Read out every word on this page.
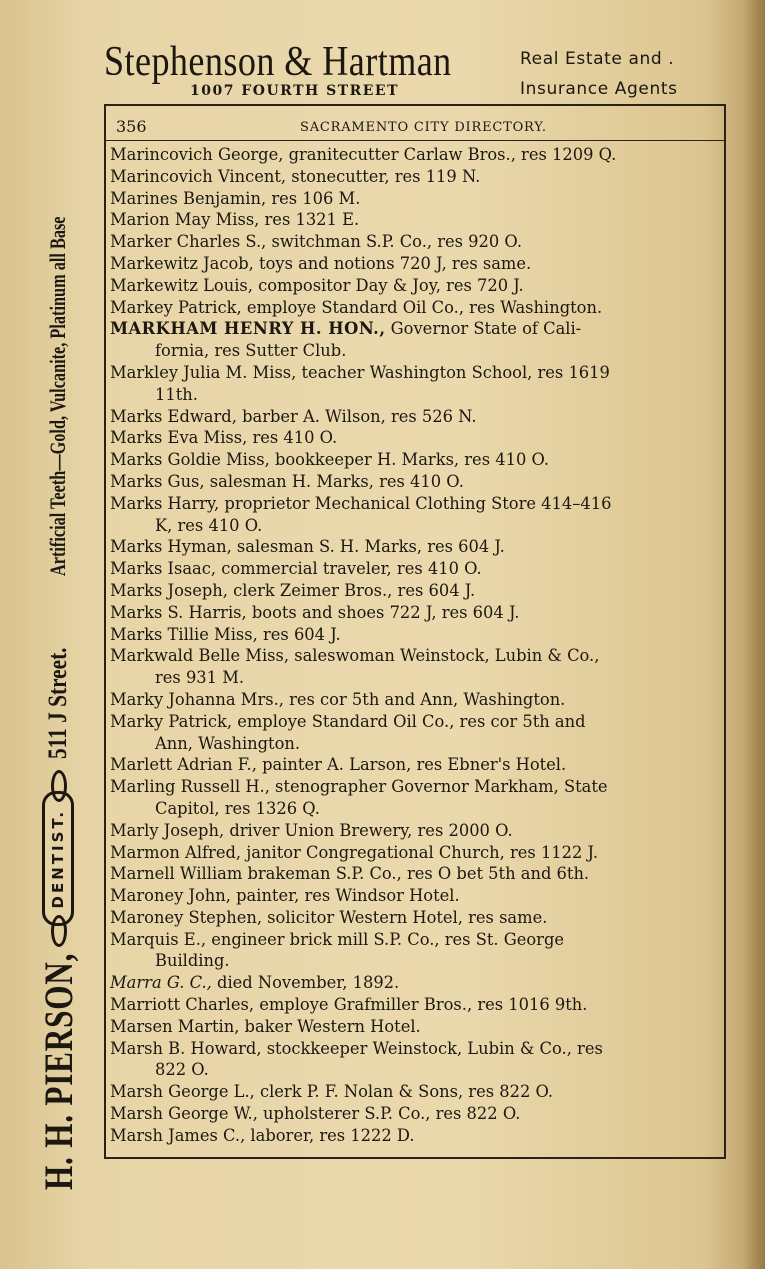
Stephenson & Hartman
1007 FOURTH STREET
Real Estate and .
Insurance Agents
356	SACRAMENTO CITY DIRECTORY.
Marincovich George, granitecutter Carlaw Bros., res 1209 Q.
Marincovich Vincent, stonecutter, res 119 N.
Marines Benjamin, res 106 M.
Marion May Miss, res 1321 E.
Marker Charles S., switchman S.P. Co., res 920 O.
Markewitz Jacob, toys and notions 720 J, res same.
Markewitz Louis, compositor Day & Joy, res 720 J.
Markey Patrick, employe Standard Oil Co., res Washington.
MARKHAM HENRY H. HON., Governor State of Cali-
fornia, res Sutter Club.
Markley Julia M. Miss, teacher Washington School, res 1619
11th.
Marks Edward, barber A. Wilson, res 526 N.
Marks Eva Miss, res 410 O.
Marks Goldie Miss, bookkeeper H. Marks, res 410 O.
Marks Gus, salesman H. Marks, res 410 O.
Marks Harry, proprietor Mechanical Clothing Store 414–416
K, res 410 O.
Marks Hyman, salesman S. H. Marks, res 604 J.
Marks Isaac, commercial traveler, res 410 O.
Marks Joseph, clerk Zeimer Bros., res 604 J.
Marks S. Harris, boots and shoes 722 J, res 604 J.
Marks Tillie Miss, res 604 J.
Markwald Belle Miss, saleswoman Weinstock, Lubin & Co.,
res 931 M.
Marky Johanna Mrs., res cor 5th and Ann, Washington.
Marky Patrick, employe Standard Oil Co., res cor 5th and
Ann, Washington.
Marlett Adrian F., painter A. Larson, res Ebner's Hotel.
Marling Russell H., stenographer Governor Markham, State
Capitol, res 1326 Q.
Marly Joseph, driver Union Brewery, res 2000 O.
Marmon Alfred, janitor Congregational Church, res 1122 J.
Marnell William brakeman S.P. Co., res O bet 5th and 6th.
Maroney John, painter, res Windsor Hotel.
Maroney Stephen, solicitor Western Hotel, res same.
Marquis E., engineer brick mill S.P. Co., res St. George
Building.
Marra G. C., died November, 1892.
Marriott Charles, employe Grafmiller Bros., res 1016 9th.
Marsen Martin, baker Western Hotel.
Marsh B. Howard, stockkeeper Weinstock, Lubin & Co., res
822 O.
Marsh George L., clerk P. F. Nolan & Sons, res 822 O.
Marsh George W., upholsterer S.P. Co., res 822 O.
Marsh James C., laborer, res 1222 D.
H. H. PIERSON,
DENTIST.
511 J Street.
Artificial Teeth—Gold, Vulcanite, Platinum all Base
